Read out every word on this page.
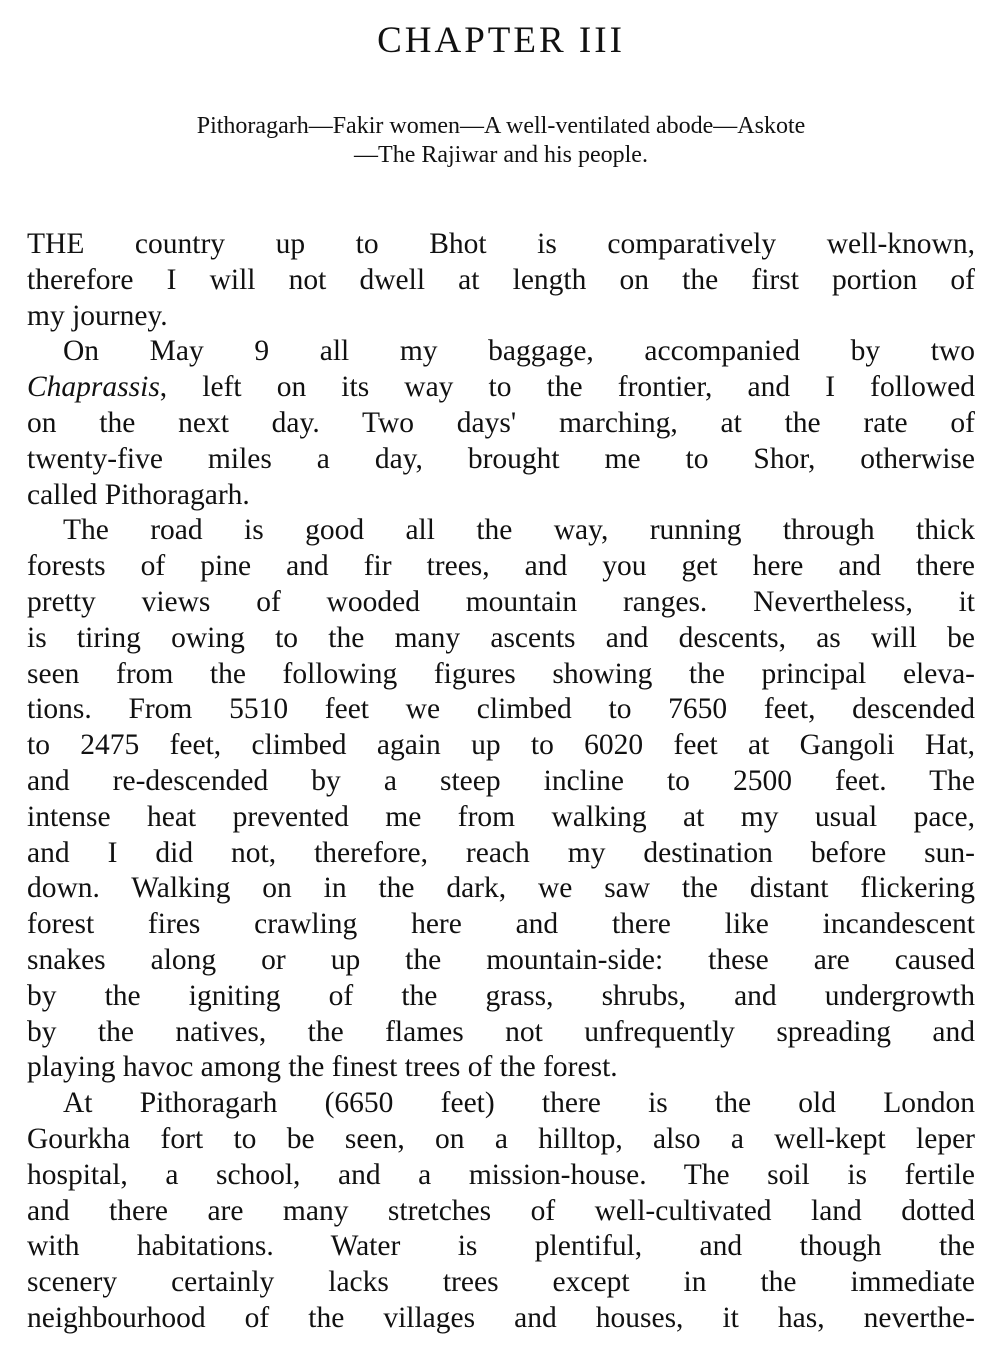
CHAPTER III
Pithoragarh—Fakir women—A well-ventilated abode—Askote
—The Rajiwar and his people.
THE country up to Bhot is comparatively well-known,
therefore I will not dwell at length on the first portion of
my journey.
On May 9 all my baggage, accompanied by two
Chaprassis, left on its way to the frontier, and I followed
on the next day. Two days' marching, at the rate of
twenty-five miles a day, brought me to Shor, otherwise
called Pithoragarh.
The road is good all the way, running through thick
forests of pine and fir trees, and you get here and there
pretty views of wooded mountain ranges. Nevertheless, it
is tiring owing to the many ascents and descents, as will be
seen from the following figures showing the principal eleva-
tions. From 5510 feet we climbed to 7650 feet, descended
to 2475 feet, climbed again up to 6020 feet at Gangoli Hat,
and re-descended by a steep incline to 2500 feet. The
intense heat prevented me from walking at my usual pace,
and I did not, therefore, reach my destination before sun-
down. Walking on in the dark, we saw the distant flickering
forest fires crawling here and there like incandescent
snakes along or up the mountain-side: these are caused
by the igniting of the grass, shrubs, and undergrowth
by the natives, the flames not unfrequently spreading and
playing havoc among the finest trees of the forest.
At Pithoragarh (6650 feet) there is the old London
Gourkha fort to be seen, on a hilltop, also a well-kept leper
hospital, a school, and a mission-house. The soil is fertile
and there are many stretches of well-cultivated land dotted
with habitations. Water is plentiful, and though the
scenery certainly lacks trees except in the immediate
neighbourhood of the villages and houses, it has, neverthe-
